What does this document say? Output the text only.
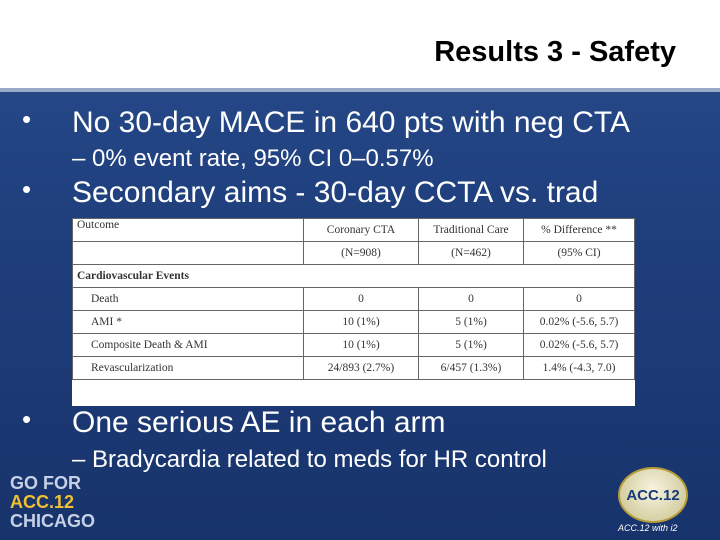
Results 3 - Safety
• No 30-day MACE in 640 pts with neg CTA
– 0% event rate, 95% CI 0–0.57%
• Secondary aims - 30-day CCTA vs. trad
Outcome	Coronary CTA	Traditional Care	% Difference **
	(N=908)	(N=462)	(95% CI)
Cardiovascular Events			
Death	0	0	0
AMI *	10 (1%)	5 (1%)	0.02% (-5.6, 5.7)
Composite Death & AMI	10 (1%)	5 (1%)	0.02% (-5.6, 5.7)
Revascularization	24/893 (2.7%)	6/457 (1.3%)	1.4% (-4.3, 7.0)
• One serious AE in each arm
– Bradycardia related to meds for HR control
GO FOR
ACC.12
CHICAGO
ACC.12
ACC.12 with i2
